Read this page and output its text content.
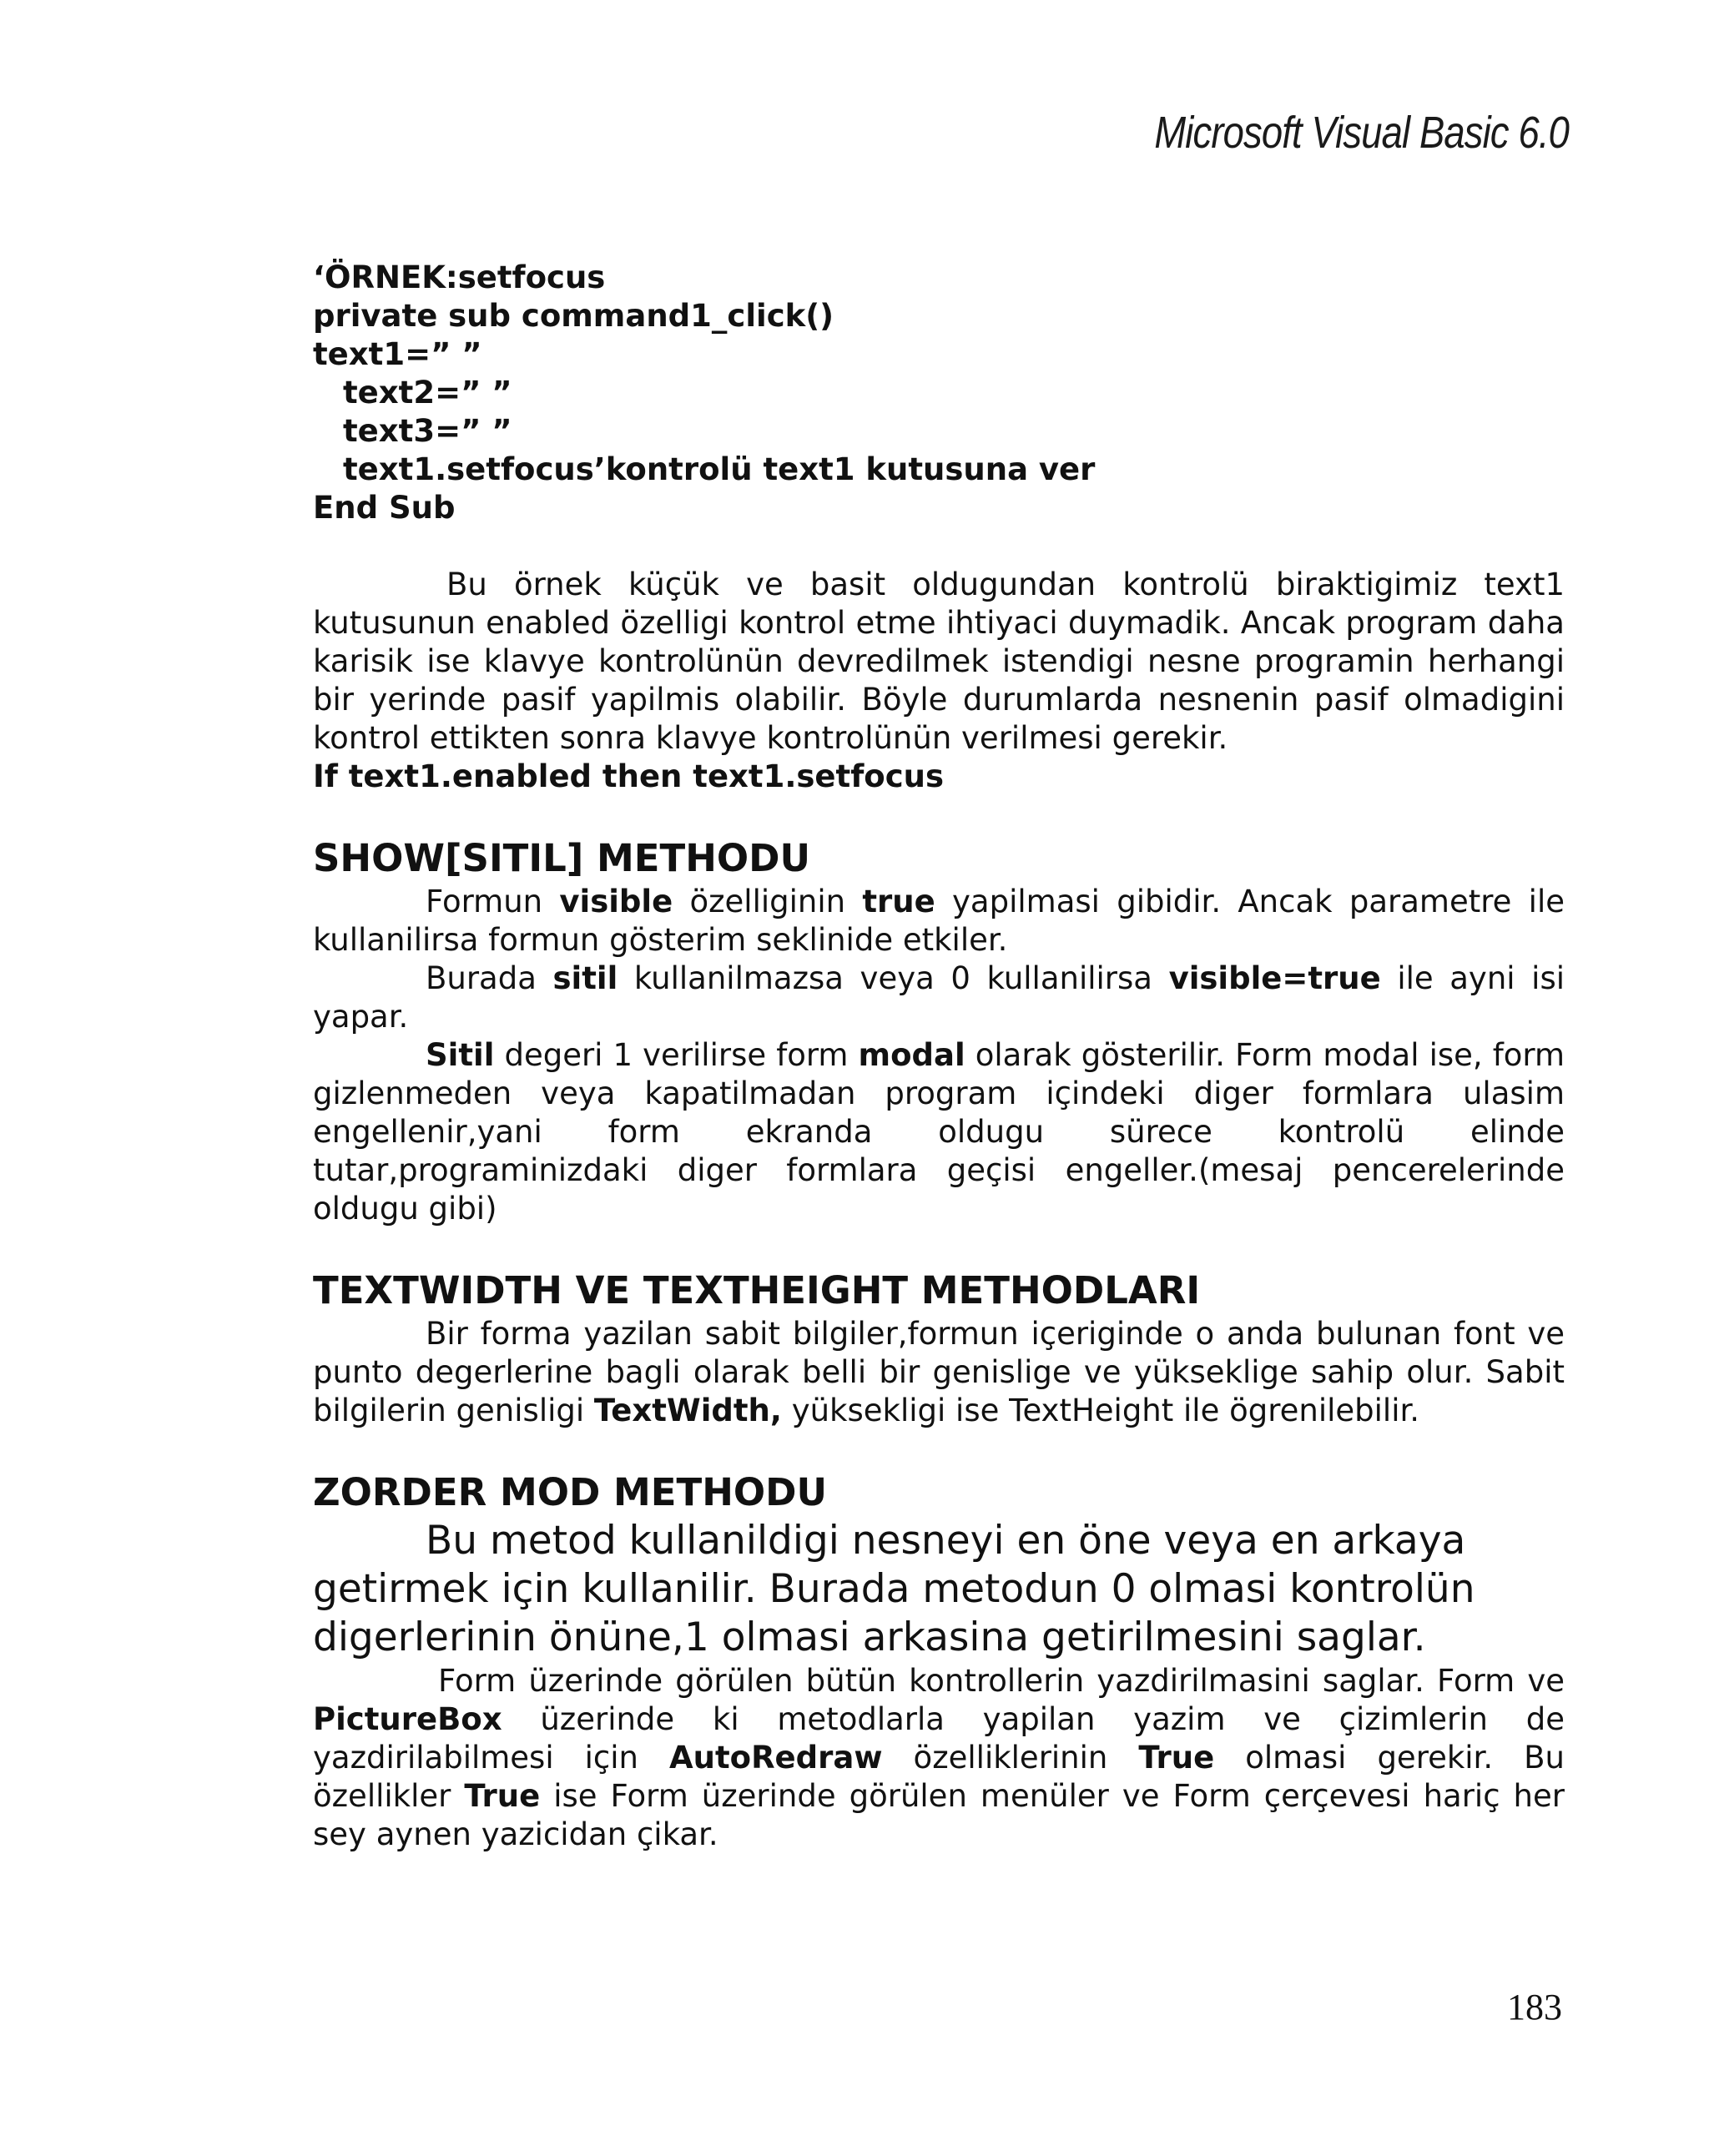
Microsoft Visual Basic 6.0
‘ÖRNEK:setfocus
private sub command1_click()
text1=” ”
text2=” ”
text3=” ”
text1.setfocus’kontrolü text1 kutusuna ver
End Sub

Bu örnek küçük ve basit oldugundan kontrolü biraktigimiz text1 kutusunun enabled özelligi kontrol etme ihtiyaci duymadik. Ancak program daha karisik ise klavye kontrolünün devredilmek istendigi nesne programin herhangi bir yerinde pasif yapilmis olabilir. Böyle durumlarda nesnenin pasif olmadigini kontrol ettikten sonra klavye kontrolünün verilmesi gerekir.

If text1.enabled then text1.setfocus
SHOW[SITIL] METHODU

Formun visible özelliginin true yapilmasi gibidir. Ancak parametre ile kullanilirsa formun gösterim seklinide etkiler.

Burada sitil kullanilmazsa veya 0 kullanilirsa visible=true ile ayni isi yapar.

Sitil degeri 1 verilirse form modal olarak gösterilir. Form modal ise, form gizlenmeden veya kapatilmadan program içindeki diger formlara ulasim engellenir,yani form ekranda oldugu sürece kontrolü elinde tutar,programinizdaki diger formlara geçisi engeller.(mesaj pencerelerinde oldugu gibi)

TEXTWIDTH VE TEXTHEIGHT METHODLARI

Bir forma yazilan sabit bilgiler,formun içeriginde o anda bulunan font ve punto degerlerine bagli olarak belli bir genislige ve yükseklige sahip olur. Sabit bilgilerin genisligi TextWidth, yüksekligi ise TextHeight ile ögrenilebilir.

ZORDER MOD METHODU
Bu metod kullanildigi nesneyi en öne veya en arkaya
getirmek için kullanilir. Burada metodun 0 olmasi kontrolün
digerlerinin önüne,1 olmasi arkasina getirilmesini saglar.

Form üzerinde görülen bütün kontrollerin yazdirilmasini saglar. Form ve PictureBox üzerinde ki metodlarla yapilan yazim ve çizimlerin de yazdirilabilmesi için AutoRedraw özelliklerinin True olmasi gerekir. Bu özellikler True ise Form üzerinde görülen menüler ve Form çerçevesi hariç her sey aynen yazicidan çikar.

183
